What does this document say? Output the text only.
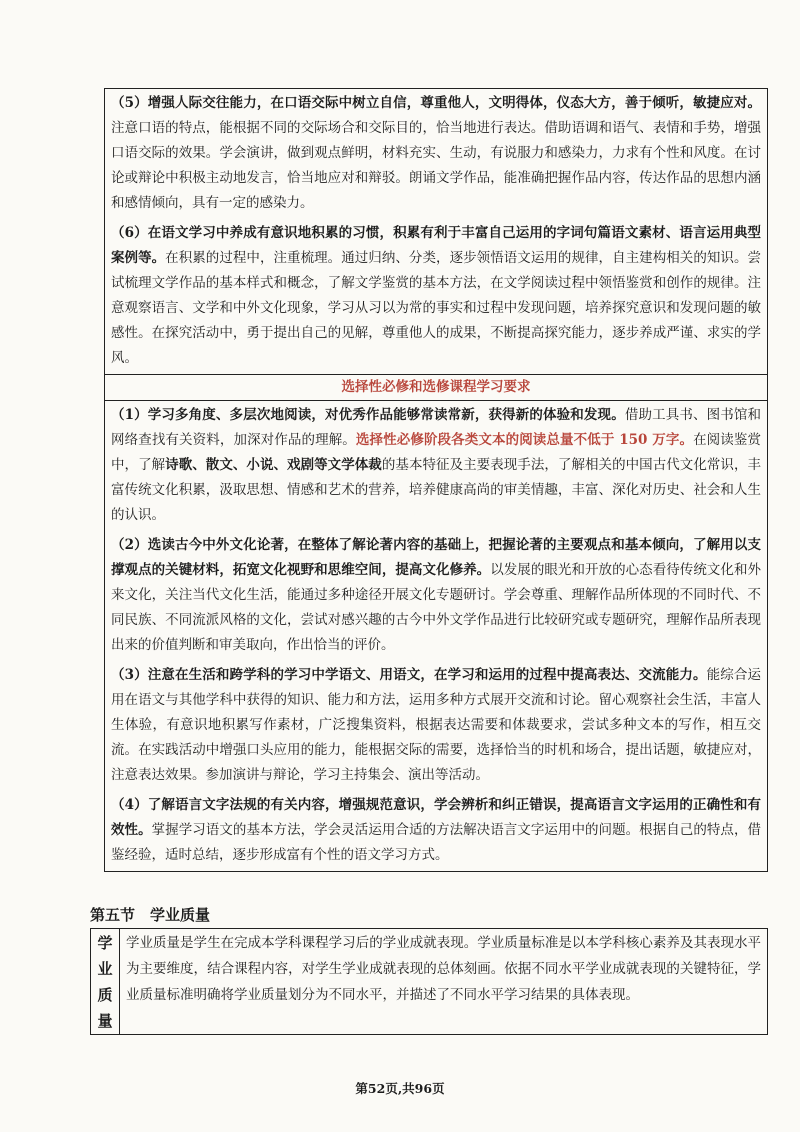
（5）增强人际交往能力，在口语交际中树立自信，尊重他人，文明得体，仪态大方，善于倾听，敏捷应对。注意口语的特点，能根据不同的交际场合和交际目的，恰当地进行表达。借助语调和语气、表情和手势，增强口语交际的效果。学会演讲，做到观点鲜明，材料充实、生动，有说服力和感染力，力求有个性和风度。在讨论或辩论中积极主动地发言，恰当地应对和辩驳。朗诵文学作品，能准确把握作品内容，传达作品的思想内涵和感情倾向，具有一定的感染力。
（6）在语文学习中养成有意识地积累的习惯，积累有利于丰富自己运用的字词句篇语文素材、语言运用典型案例等。在积累的过程中，注重梳理。通过归纳、分类，逐步领悟语文运用的规律，自主建构相关的知识。尝试梳理文学作品的基本样式和概念，了解文学鉴赏的基本方法，在文学阅读过程中领悟鉴赏和创作的规律。注意观察语言、文学和中外文化现象，学习从习以为常的事实和过程中发现问题，培养探究意识和发现问题的敏感性。在探究活动中，勇于提出自己的见解，尊重他人的成果，不断提高探究能力，逐步养成严谨、求实的学风。
选择性必修和选修课程学习要求
（1）学习多角度、多层次地阅读，对优秀作品能够常读常新，获得新的体验和发现。借助工具书、图书馆和网络查找有关资料，加深对作品的理解。选择性必修阶段各类文本的阅读总量不低于 150 万字。在阅读鉴赏中，了解诗歌、散文、小说、戏剧等文学体裁的基本特征及主要表现手法，了解相关的中国古代文化常识，丰富传统文化积累，汲取思想、情感和艺术的营养，培养健康高尚的审美情趣，丰富、深化对历史、社会和人生的认识。
（2）选读古今中外文化论著，在整体了解论著内容的基础上，把握论著的主要观点和基本倾向，了解用以支撑观点的关键材料，拓宽文化视野和思维空间，提高文化修养。以发展的眼光和开放的心态看待传统文化和外来文化，关注当代文化生活，能通过多种途径开展文化专题研讨。学会尊重、理解作品所体现的不同时代、不同民族、不同流派风格的文化，尝试对感兴趣的古今中外文学作品进行比较研究或专题研究，理解作品所表现出来的价值判断和审美取向，作出恰当的评价。
（3）注意在生活和跨学科的学习中学语文、用语文，在学习和运用的过程中提高表达、交流能力。能综合运用在语文与其他学科中获得的知识、能力和方法，运用多种方式展开交流和讨论。留心观察社会生活，丰富人生体验，有意识地积累写作素材，广泛搜集资料，根据表达需要和体裁要求，尝试多种文本的写作，相互交流。在实践活动中增强口头应用的能力，能根据交际的需要，选择恰当的时机和场合，提出话题，敏捷应对，注意表达效果。参加演讲与辩论，学习主持集会、演出等活动。
（4）了解语言文字法规的有关内容，增强规范意识，学会辨析和纠正错误，提高语言文字运用的正确性和有效性。掌握学习语文的基本方法，学会灵活运用合适的方法解决语言文字运用中的问题。根据自己的特点，借鉴经验，适时总结，逐步形成富有个性的语文学习方式。
第五节　学业质量
学
业
质
量
学业质量是学生在完成本学科课程学习后的学业成就表现。学业质量标准是以本学科核心素养及其表现水平为主要维度，结合课程内容，对学生学业成就表现的总体刻画。依据不同水平学业成就表现的关键特征，学业质量标准明确将学业质量划分为不同水平，并描述了不同水平学习结果的具体表现。
第52页,共96页
